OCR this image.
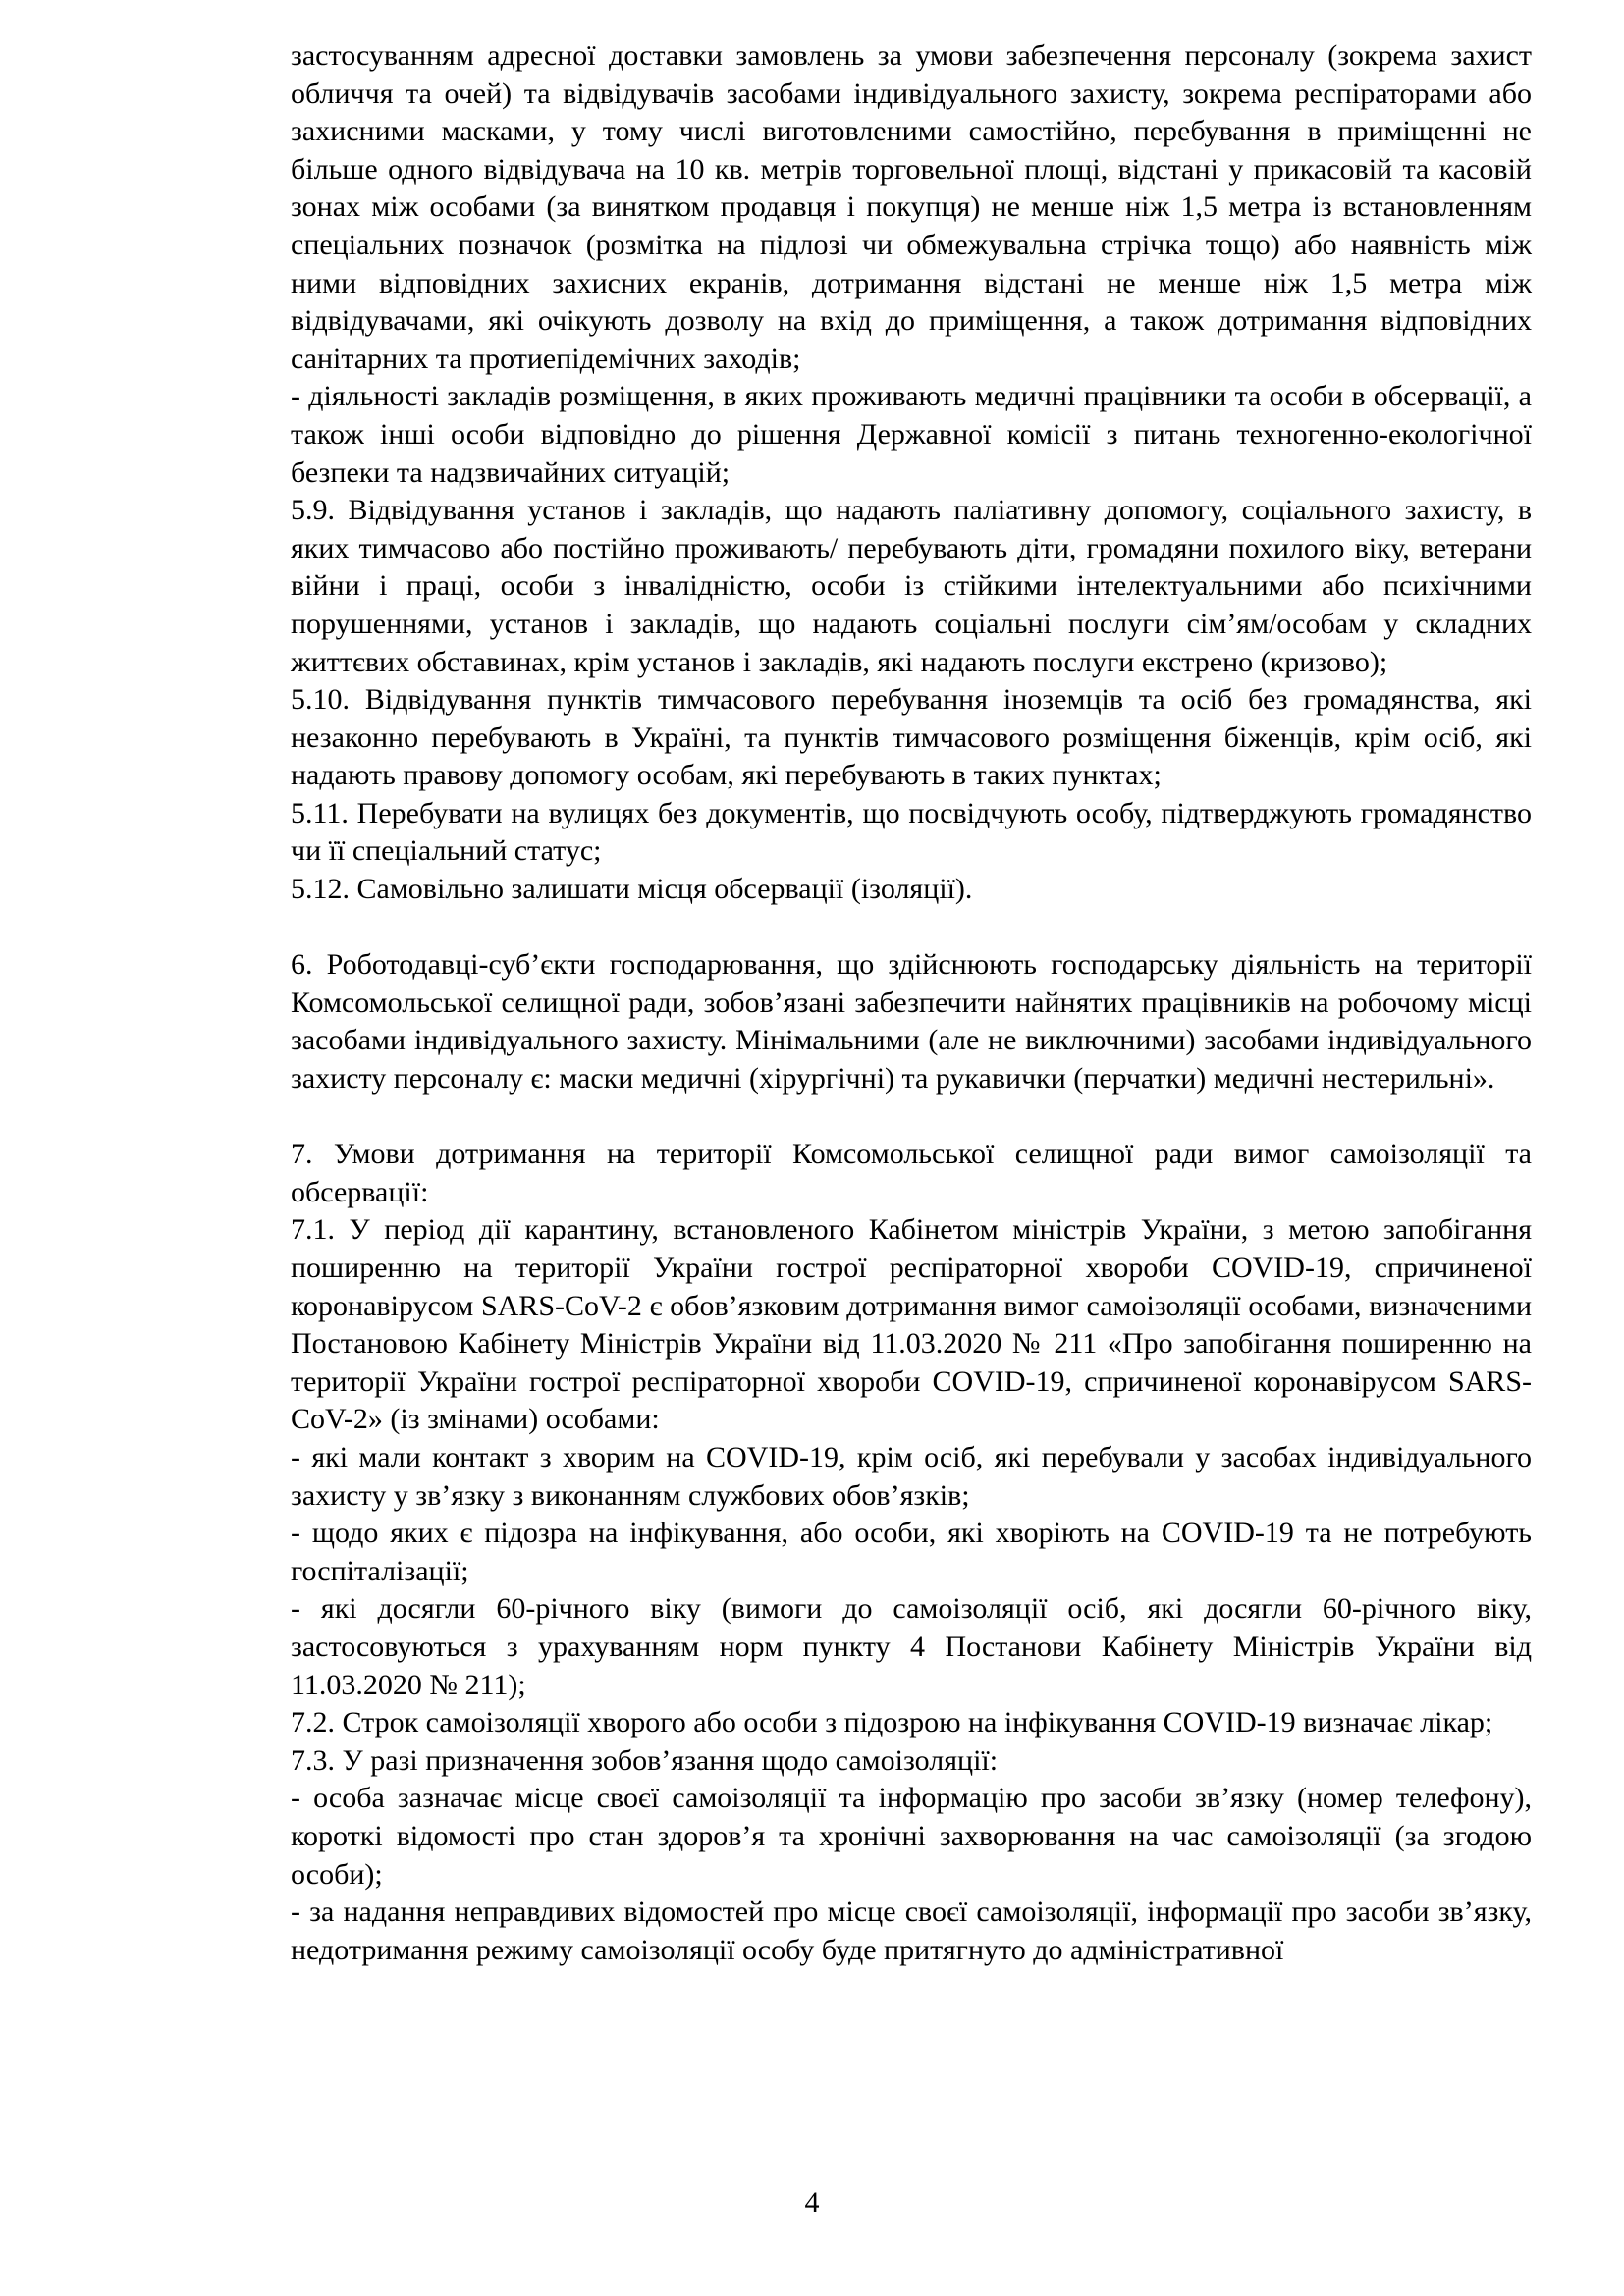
застосуванням адресної доставки замовлень за умови забезпечення персоналу (зокрема захист обличчя та очей) та відвідувачів засобами індивідуального захисту, зокрема респіраторами або захисними масками, у тому числі виготовленими самостійно, перебування в приміщенні не більше одного відвідувача на 10 кв. метрів торговельної площі, відстані у прикасовій та касовій зонах між особами (за винятком продавця і покупця) не менше ніж 1,5 метра із встановленням спеціальних позначок (розмітка на підлозі чи обмежувальна стрічка тощо) або наявність між ними відповідних захисних екранів, дотримання відстані не менше ніж 1,5 метра між відвідувачами, які очікують дозволу на вхід до приміщення, а також дотримання відповідних санітарних та протиепідемічних заходів;

- діяльності закладів розміщення, в яких проживають медичні працівники та особи в обсервації, а також інші особи відповідно до рішення Державної комісії з питань техногенно-екологічної безпеки та надзвичайних ситуацій;

5.9. Відвідування установ і закладів, що надають паліативну допомогу, соціального захисту, в яких тимчасово або постійно проживають/ перебувають діти, громадяни похилого віку, ветерани війни і праці, особи з інвалідністю, особи із стійкими інтелектуальними або психічними порушеннями, установ і закладів, що надають соціальні послуги сім’ям/особам у складних життєвих обставинах, крім установ і закладів, які надають послуги екстрено (кризово);

5.10. Відвідування пунктів тимчасового перебування іноземців та осіб без громадянства, які незаконно перебувають в Україні, та пунктів тимчасового розміщення біженців, крім осіб, які надають правову допомогу особам, які перебувають в таких пунктах;

5.11. Перебувати на вулицях без документів, що посвідчують особу, підтверджують громадянство чи її спеціальний статус;

5.12. Самовільно залишати місця обсервації (ізоляції).

6. Роботодавці-суб’єкти господарювання, що здійснюють господарську діяльність на території Комсомольської селищної ради, зобов’язані забезпечити найнятих працівників на робочому місці засобами індивідуального захисту. Мінімальними (але не виключними) засобами індивідуального захисту персоналу є: маски медичні (хірургічні) та рукавички (перчатки) медичні нестерильні».

7. Умови дотримання на території Комсомольської селищної ради вимог самоізоляції та обсервації:

7.1. У період дії карантину, встановленого Кабінетом міністрів України, з метою запобігання поширенню на території України гострої респіраторної хвороби COVID-19, спричиненої коронавірусом SARS-CoV-2 є обов’язковим дотримання вимог самоізоляції особами, визначеними Постановою Кабінету Міністрів України від 11.03.2020 № 211 «Про запобігання поширенню на території України гострої респіраторної хвороби COVID-19, спричиненої коронавірусом SARS-CoV-2» (із змінами) особами:

- які мали контакт з хворим на COVID-19, крім осіб, які перебували у засобах індивідуального захисту у зв’язку з виконанням службових обов’язків;

- щодо яких є підозра на інфікування, або особи, які хворіють на COVID-19 та не потребують госпіталізації;

- які досягли 60-річного віку (вимоги до самоізоляції осіб, які досягли 60-річного віку, застосовуються з урахуванням норм пункту 4 Постанови Кабінету Міністрів України від 11.03.2020 № 211);

7.2. Строк самоізоляції хворого або особи з підозрою на інфікування COVID-19 визначає лікар;

7.3. У разі призначення зобов’язання щодо самоізоляції:

- особа зазначає місце своєї самоізоляції та інформацію про засоби зв’язку (номер телефону), короткі відомості про стан здоров’я та хронічні захворювання на час самоізоляції (за згодою особи);

- за надання неправдивих відомостей про місце своєї самоізоляції, інформації про засоби зв’язку, недотримання режиму самоізоляції особу буде притягнуто до адміністративної

4
